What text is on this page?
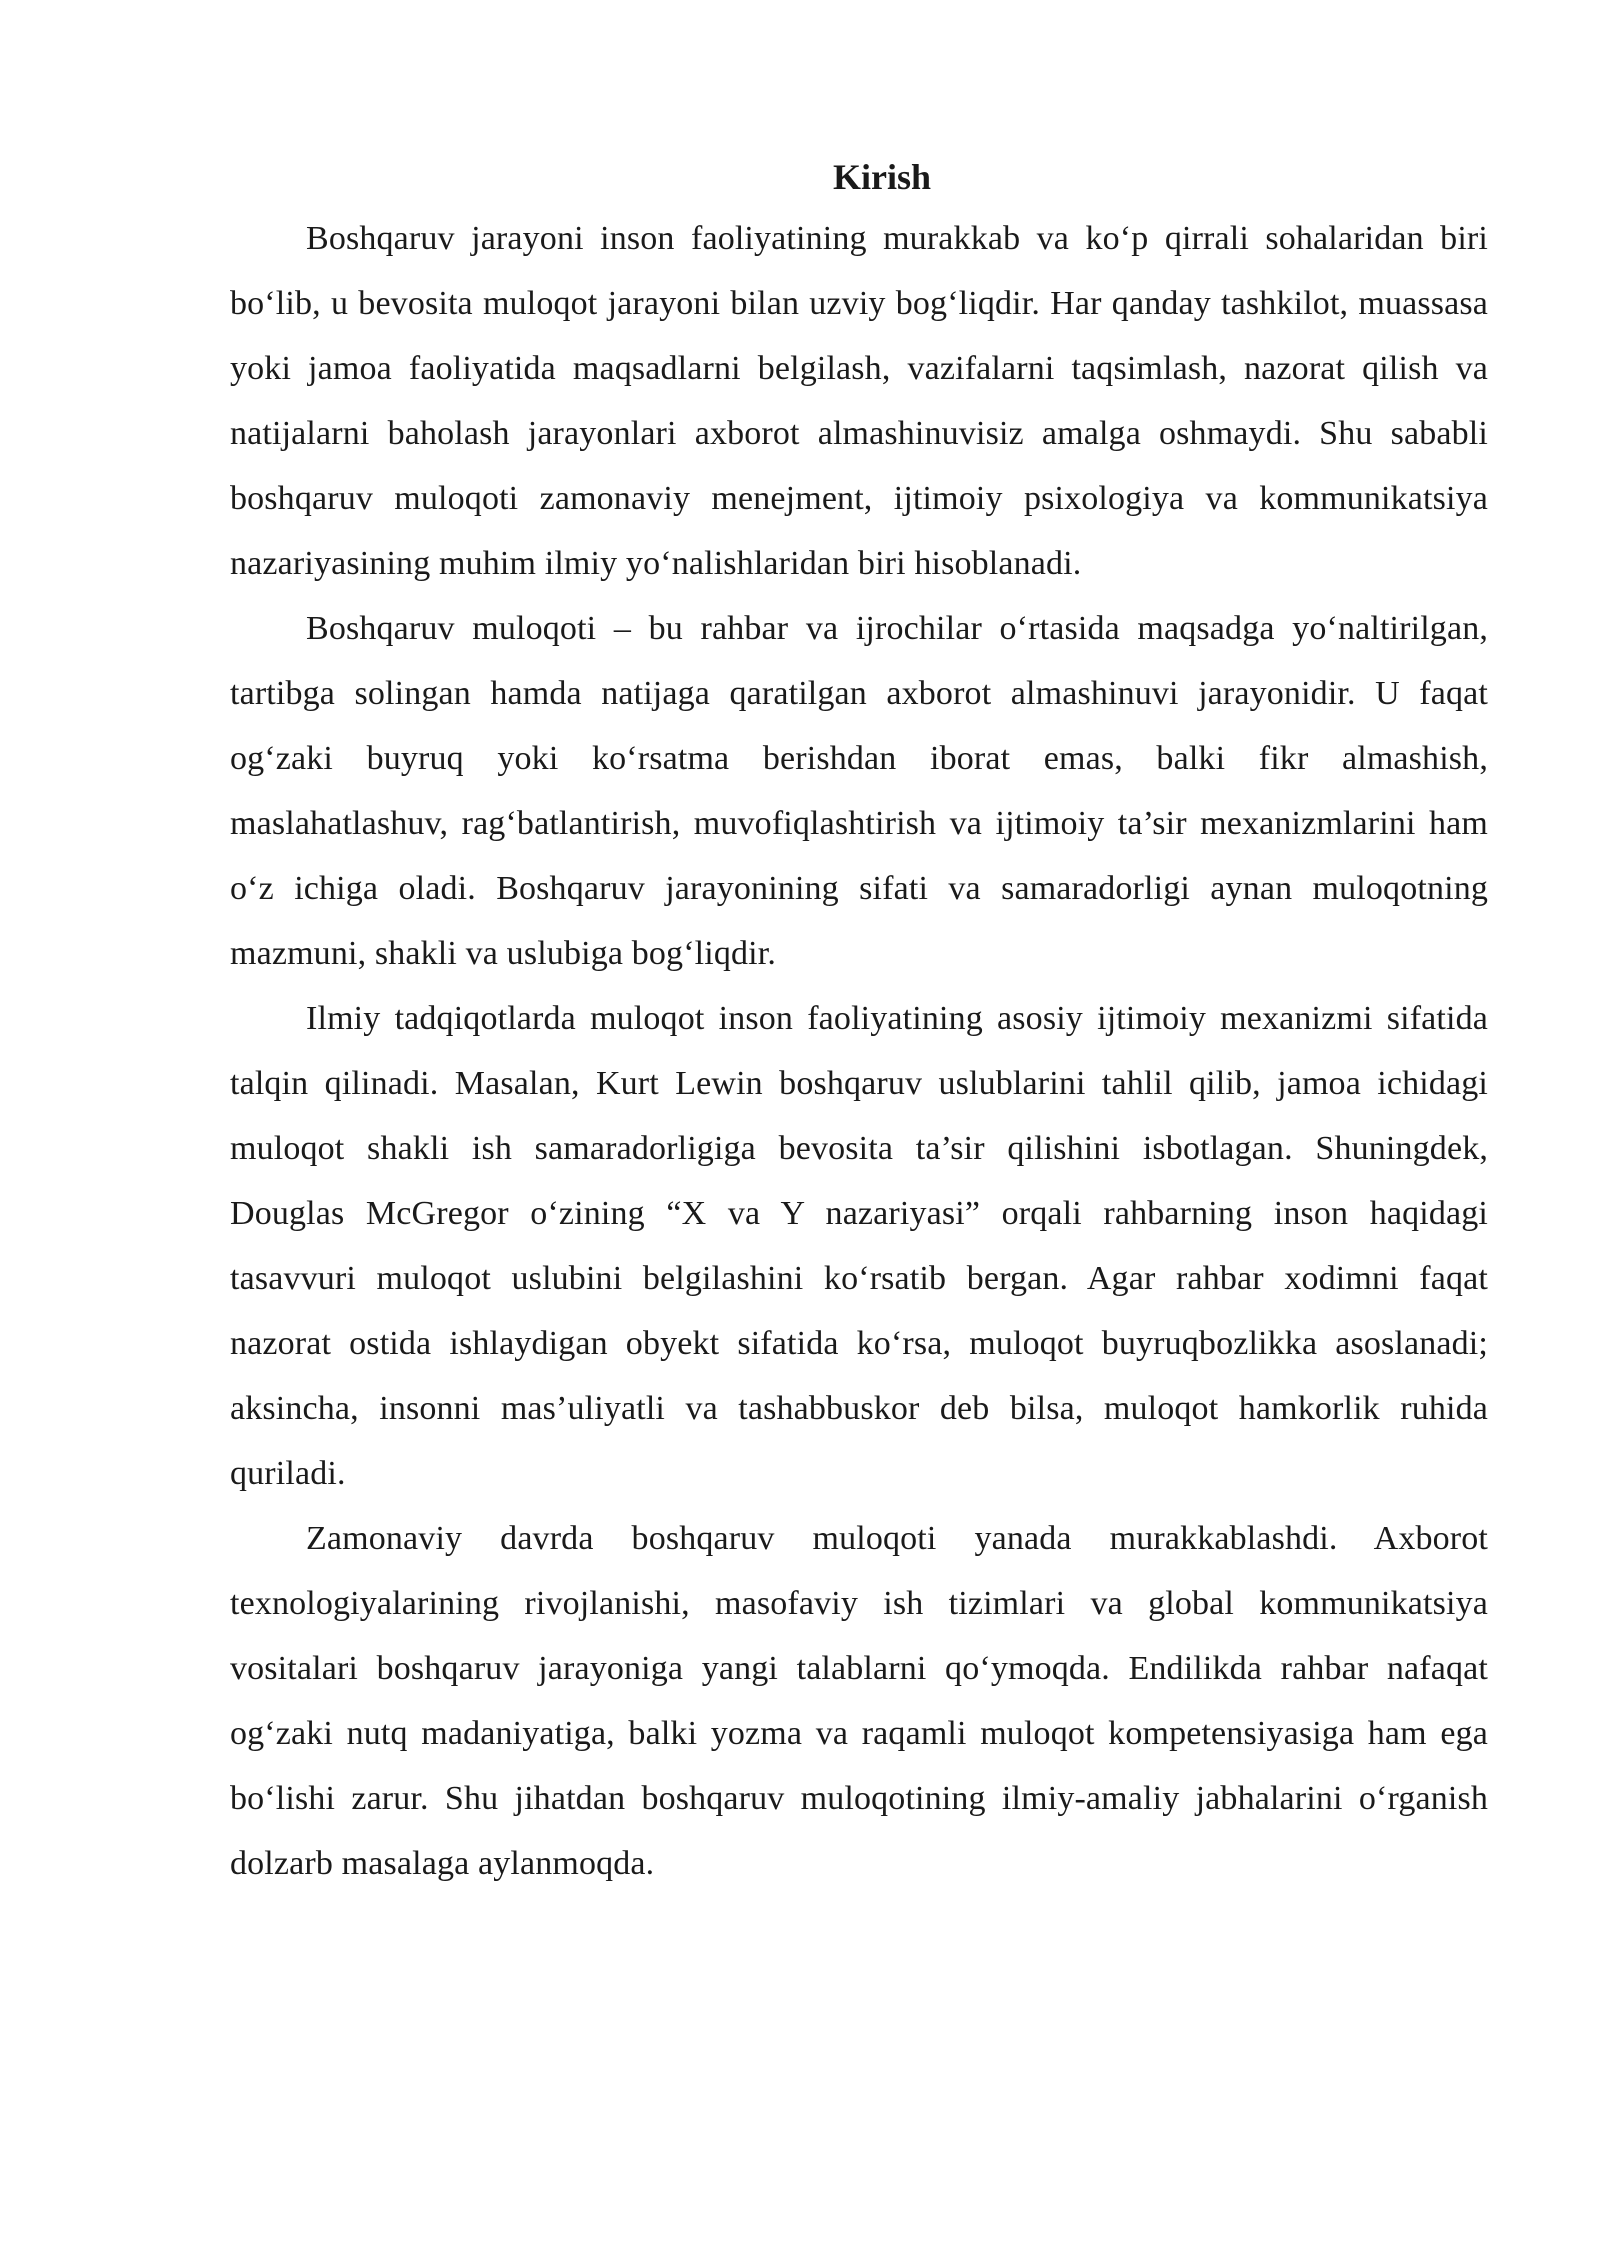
Kirish

Boshqaruv jarayoni inson faoliyatining murakkab va ko‘p qirrali sohalaridan biri bo‘lib, u bevosita muloqot jarayoni bilan uzviy bog‘liqdir. Har qanday tashkilot, muassasa yoki jamoa faoliyatida maqsadlarni belgilash, vazifalarni taqsimlash, nazorat qilish va natijalarni baholash jarayonlari axborot almashinuvisiz amalga oshmaydi. Shu sababli boshqaruv muloqoti zamonaviy menejment, ijtimoiy psixologiya va kommunikatsiya nazariyasining muhim ilmiy yo‘nalishlaridan biri hisoblanadi.

Boshqaruv muloqoti – bu rahbar va ijrochilar o‘rtasida maqsadga yo‘naltirilgan, tartibga solingan hamda natijaga qaratilgan axborot almashinuvi jarayonidir. U faqat og‘zaki buyruq yoki ko‘rsatma berishdan iborat emas, balki fikr almashish, maslahatlashuv, rag‘batlantirish, muvofiqlashtirish va ijtimoiy ta’sir mexanizmlarini ham o‘z ichiga oladi. Boshqaruv jarayonining sifati va samaradorligi aynan muloqotning mazmuni, shakli va uslubiga bog‘liqdir.

Ilmiy tadqiqotlarda muloqot inson faoliyatining asosiy ijtimoiy mexanizmi sifatida talqin qilinadi. Masalan, Kurt Lewin boshqaruv uslublarini tahlil qilib, jamoa ichidagi muloqot shakli ish samaradorligiga bevosita ta’sir qilishini isbotlagan. Shuningdek, Douglas McGregor o‘zining “X va Y nazariyasi” orqali rahbarning inson haqidagi tasavvuri muloqot uslubini belgilashini ko‘rsatib bergan. Agar rahbar xodimni faqat nazorat ostida ishlaydigan obyekt sifatida ko‘rsa, muloqot buyruqbozlikka asoslanadi; aksincha, insonni mas’uliyatli va tashabbuskor deb bilsa, muloqot hamkorlik ruhida quriladi.

Zamonaviy davrda boshqaruv muloqoti yanada murakkablashdi. Axborot texnologiyalarining rivojlanishi, masofaviy ish tizimlari va global kommunikatsiya vositalari boshqaruv jarayoniga yangi talablarni qo‘ymoqda. Endilikda rahbar nafaqat og‘zaki nutq madaniyatiga, balki yozma va raqamli muloqot kompetensiyasiga ham ega bo‘lishi zarur. Shu jihatdan boshqaruv muloqotining ilmiy-amaliy jabhalarini o‘rganish dolzarb masalaga aylanmoqda.
